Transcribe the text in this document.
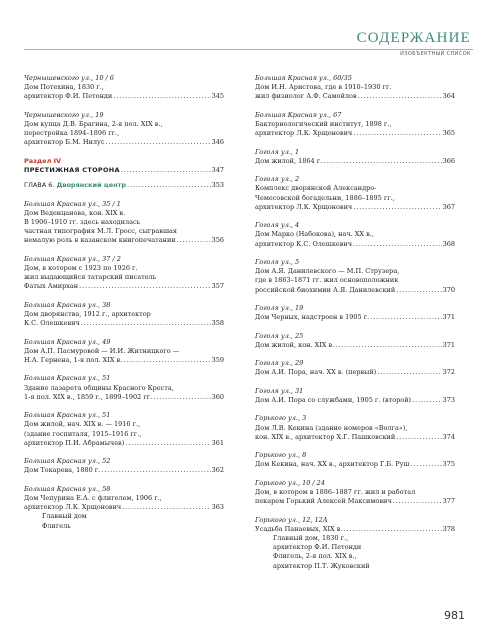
СОДЕРЖАНИЕ
ИЗОБЪЕКТНЫЙ СПИСОК
Чернышевского ул., 10 / 6
Дом Потехина, 1830 г.,
архитектор Ф.И. Петонди . . .	345
Чернышевского ул., 19
Дом купца Д.В. Брагина, 2-я пол. XIX в.,
перестройка 1894–1896 гг.,
архитектор Б.М. Нилус . . .	346
Раздел IV
ПРЕСТИЖНАЯ СТОРОНА . . .	347
ГЛАВА 6. Дворянский центр . . .	353
Большая Красная ул., 35 / 1
Дом Веденцанова, кон. XIX в.
В 1906–1910 гг. здесь находилась
частная типография М.Л. Гросс, сыгравшая
немалую роль в казанском книгопечатании . . .	356
Большая Красная ул., 37 / 2
Дом, в котором с 1923 по 1926 г.
жил выдающийся татарский писатель
Фатых Амирхан . . .	357
Большая Красная ул., 38
Дом дворянства, 1912 г., архитектор
К.С. Олешкевич . . .	358
Большая Красная ул., 49
Дом А.П. Пасмуровой — И.И. Житницкого —
Н.А. Гернена, 1-я пол. XIX в. . . .	359
Большая Красная ул., 51
Здание лазарета общины Красного Креста,
1-я пол. XIX в., 1859 г., 1899–1902 гг. . . .	360
Большая Красная ул., 51
Дом жилой, нач. XIX в. — 1916 г.,
(здание госпиталя, 1915–1916 гг.,
архитектор П.И. Абрамычев) . . .	361
Большая Красная ул., 52
Дом Токарева, 1880 г. . . .	362
Большая Красная ул., 58
Дом Чепурина Е.А. с флигелем, 1906 г.,
архитектор Л.К. Хрщонович . . .	363
Главный дом
Флигель
Большая Красная ул., 60/35
Дом И.Н. Аристова, где в 1910–1930 гг.
жил физиолог А.Ф. Самойлов . . .	364
Большая Красная ул., 67
Бактериологический институт, 1898 г.,
архитектор Л.К. Хрщонович . . .	365
Гоголя ул., 1
Дом жилой, 1864 г. . . .	366
Гоголя ул., 2
Комплекс дворянской Александро-
Чемесовской богадельни, 1886–1895 гг.,
архитектор Л.К. Хрщонович . . .	367
Гоголя ул., 4
Дом Марко (Набокова), нач. XX в.,
архитектор К.С. Олешкевич . . .	368
Гоголя ул., 5
Дом А.Я. Данилевского — М.П. Струзера,
где в 1863–1871 гг. жил основоположник
российской биохимии А.Я. Данилевский . . .	370
Гоголя ул., 19
Дом Черных, надстроен в 1905 г. . . .	371
Гоголя ул., 25
Дом жилой, кон. XIX в. . . .	371
Гоголя ул., 29
Дом А.И. Пора, нач. XX в. (первый) . . .	372
Гоголя ул., 31
Дом А.И. Пора со службами, 1905 г. (второй) . . .	373
Горького ул., 3
Дом Л.В. Кекина (здание номеров «Волга»),
кон. XIX в., архитектор Х.Г. Пашковский . . .	374
Горького ул., 8
Дом Кекина, нач. XX в., архитектор Г.Б. Руш . . .	375
Горького ул., 10 / 24
Дом, в котором в 1886–1887 гг. жил и работал
пекарем Горький Алексей Максимович . . .	377
Горького ул., 12, 12А
Усадьба Панаевых, XIX в. . . .	378
Главный дом, 1830 г.,
архитектор Ф.И. Петонди
Флигель, 2-я пол. XIX в.,
архитектор П.Т. Жуковский
981
